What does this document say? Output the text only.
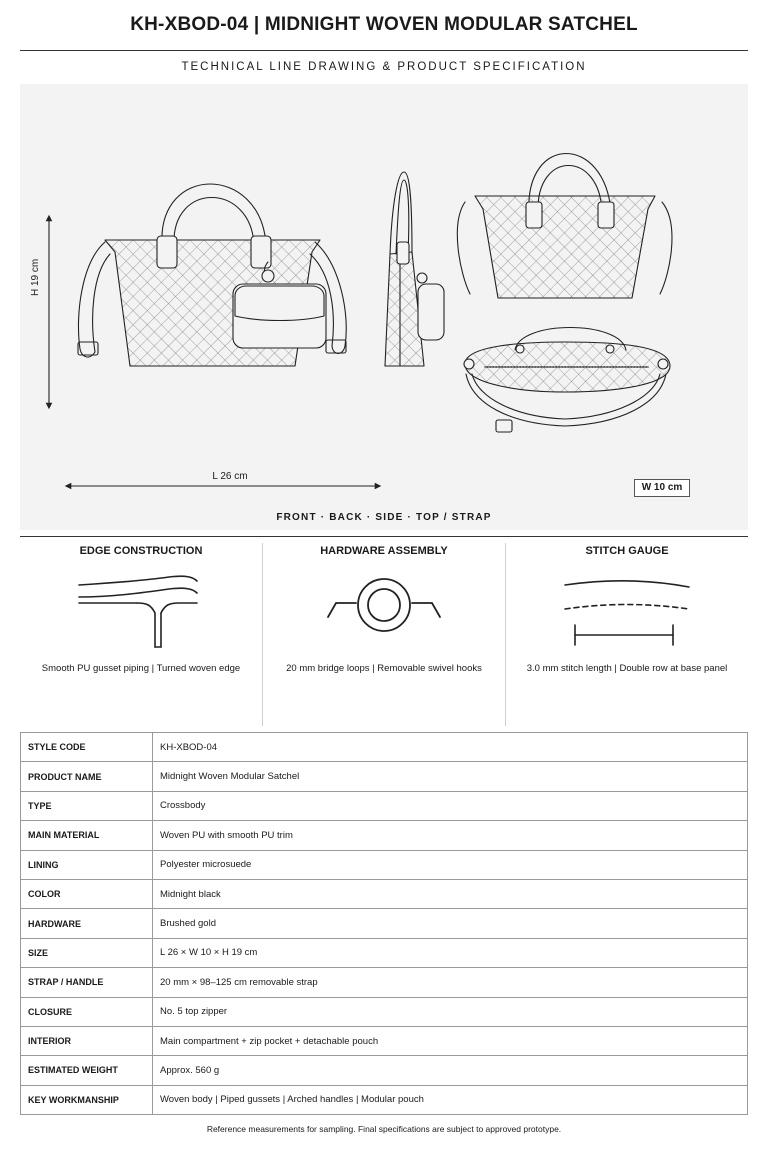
KH-XBOD-04 | MIDNIGHT WOVEN MODULAR SATCHEL
TECHNICAL LINE DRAWING & PRODUCT SPECIFICATION
H 19 cm
L 26 cm
W 10 cm
FRONT · BACK · SIDE · TOP / STRAP
EDGE CONSTRUCTION
Smooth PU gusset piping | Turned woven edge
HARDWARE ASSEMBLY
20 mm bridge loops | Removable swivel hooks
STITCH GAUGE
3.0 mm stitch length | Double row at base panel
STYLE CODE	KH-XBOD-04
PRODUCT NAME	Midnight Woven Modular Satchel
TYPE	Crossbody
MAIN MATERIAL	Woven PU with smooth PU trim
LINING	Polyester microsuede
COLOR	Midnight black
HARDWARE	Brushed gold
SIZE	L 26 × W 10 × H 19 cm
STRAP / HANDLE	20 mm × 98–125 cm removable strap
CLOSURE	No. 5 top zipper
INTERIOR	Main compartment + zip pocket + detachable pouch
ESTIMATED WEIGHT	Approx. 560 g
KEY WORKMANSHIP	Woven body | Piped gussets | Arched handles | Modular pouch
Reference measurements for sampling. Final specifications are subject to approved prototype.
